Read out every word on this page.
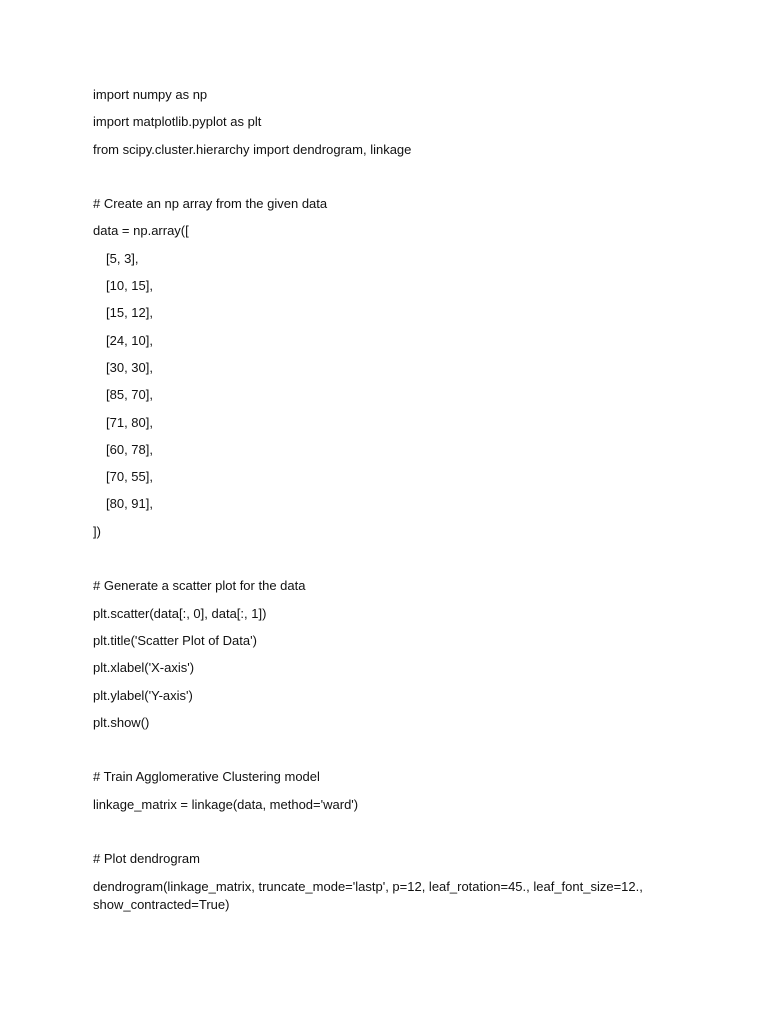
import numpy as np
import matplotlib.pyplot as plt
from scipy.cluster.hierarchy import dendrogram, linkage
# Create an np array from the given data
data = np.array([
[5, 3],
[10, 15],
[15, 12],
[24, 10],
[30, 30],
[85, 70],
[71, 80],
[60, 78],
[70, 55],
[80, 91],
])
# Generate a scatter plot for the data
plt.scatter(data[:, 0], data[:, 1])
plt.title('Scatter Plot of Data')
plt.xlabel('X-axis')
plt.ylabel('Y-axis')
plt.show()
# Train Agglomerative Clustering model
linkage_matrix = linkage(data, method='ward')
# Plot dendrogram
dendrogram(linkage_matrix, truncate_mode='lastp', p=12, leaf_rotation=45., leaf_font_size=12., show_contracted=True)
